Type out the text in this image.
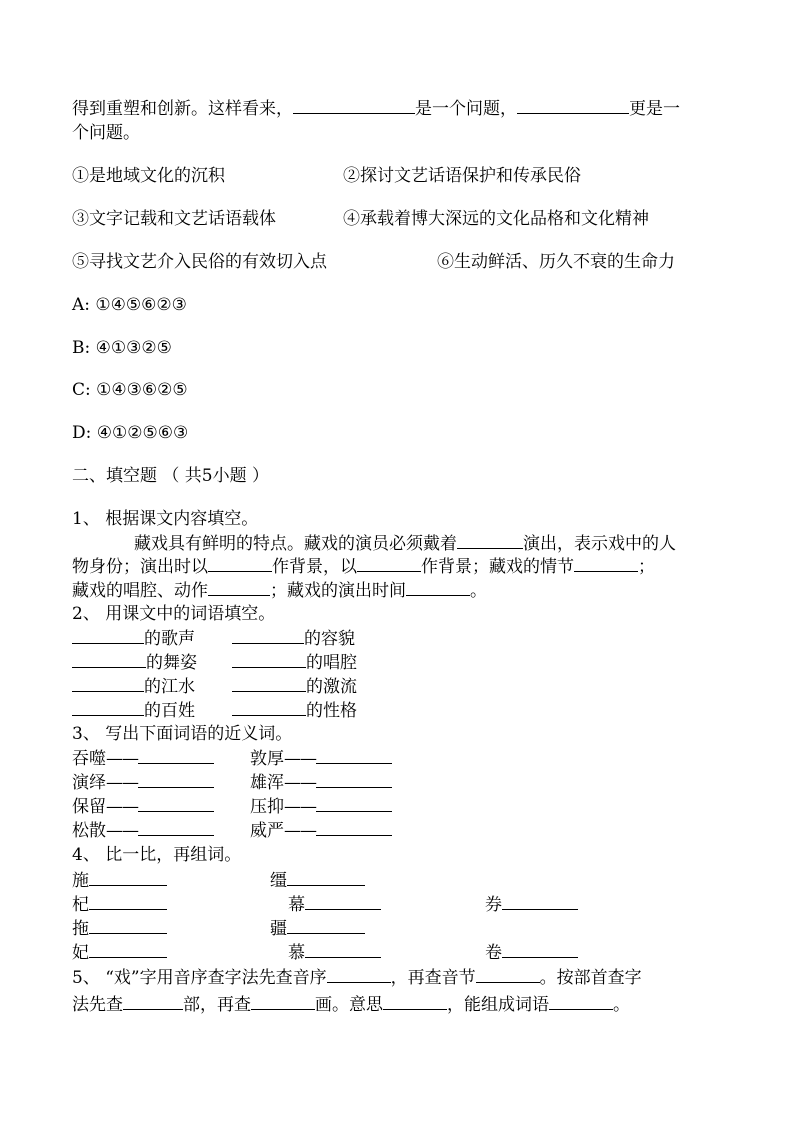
得到重塑和创新。这样看来，	是一个问题，	更是一
个问题。
①是地域文化的沉积	②探讨文艺话语保护和传承民俗
③文字记载和文艺话语载体	④承载着博大深远的文化品格和文化精神
⑤寻找文艺介入民俗的有效切入点	⑥生动鲜活、历久不衰的生命力
A: ①④⑤⑥②③
B: ④①③②⑤
C: ①④③⑥②⑤
D: ④①②⑤⑥③
二、填空题 （ 共5小题 ）
1、 根据课文内容填空。
藏戏具有鲜明的特点。藏戏的演员必须戴着	演出，表示戏中的人
物身份；演出时以	作背景，以	作背景；藏戏的情节	；
藏戏的唱腔、动作	；藏戏的演出时间	。
2、 用课文中的词语填空。
的歌声	的容貌
的舞姿	的唱腔
的江水	的激流
的百姓	的性格
3、 写出下面词语的近义词。
吞噬——	敦厚——
演绎——	雄浑——
保留——	压抑——
松散——	威严——
4、 比一比，再组词。
施	缰
杞	幕	券
拖	疆
妃	慕	卷
5、 “戏”字用音序查字法先查音序	，再查音节	。按部首查字
法先查	部，再查	画。意思	，能组成词语	。
